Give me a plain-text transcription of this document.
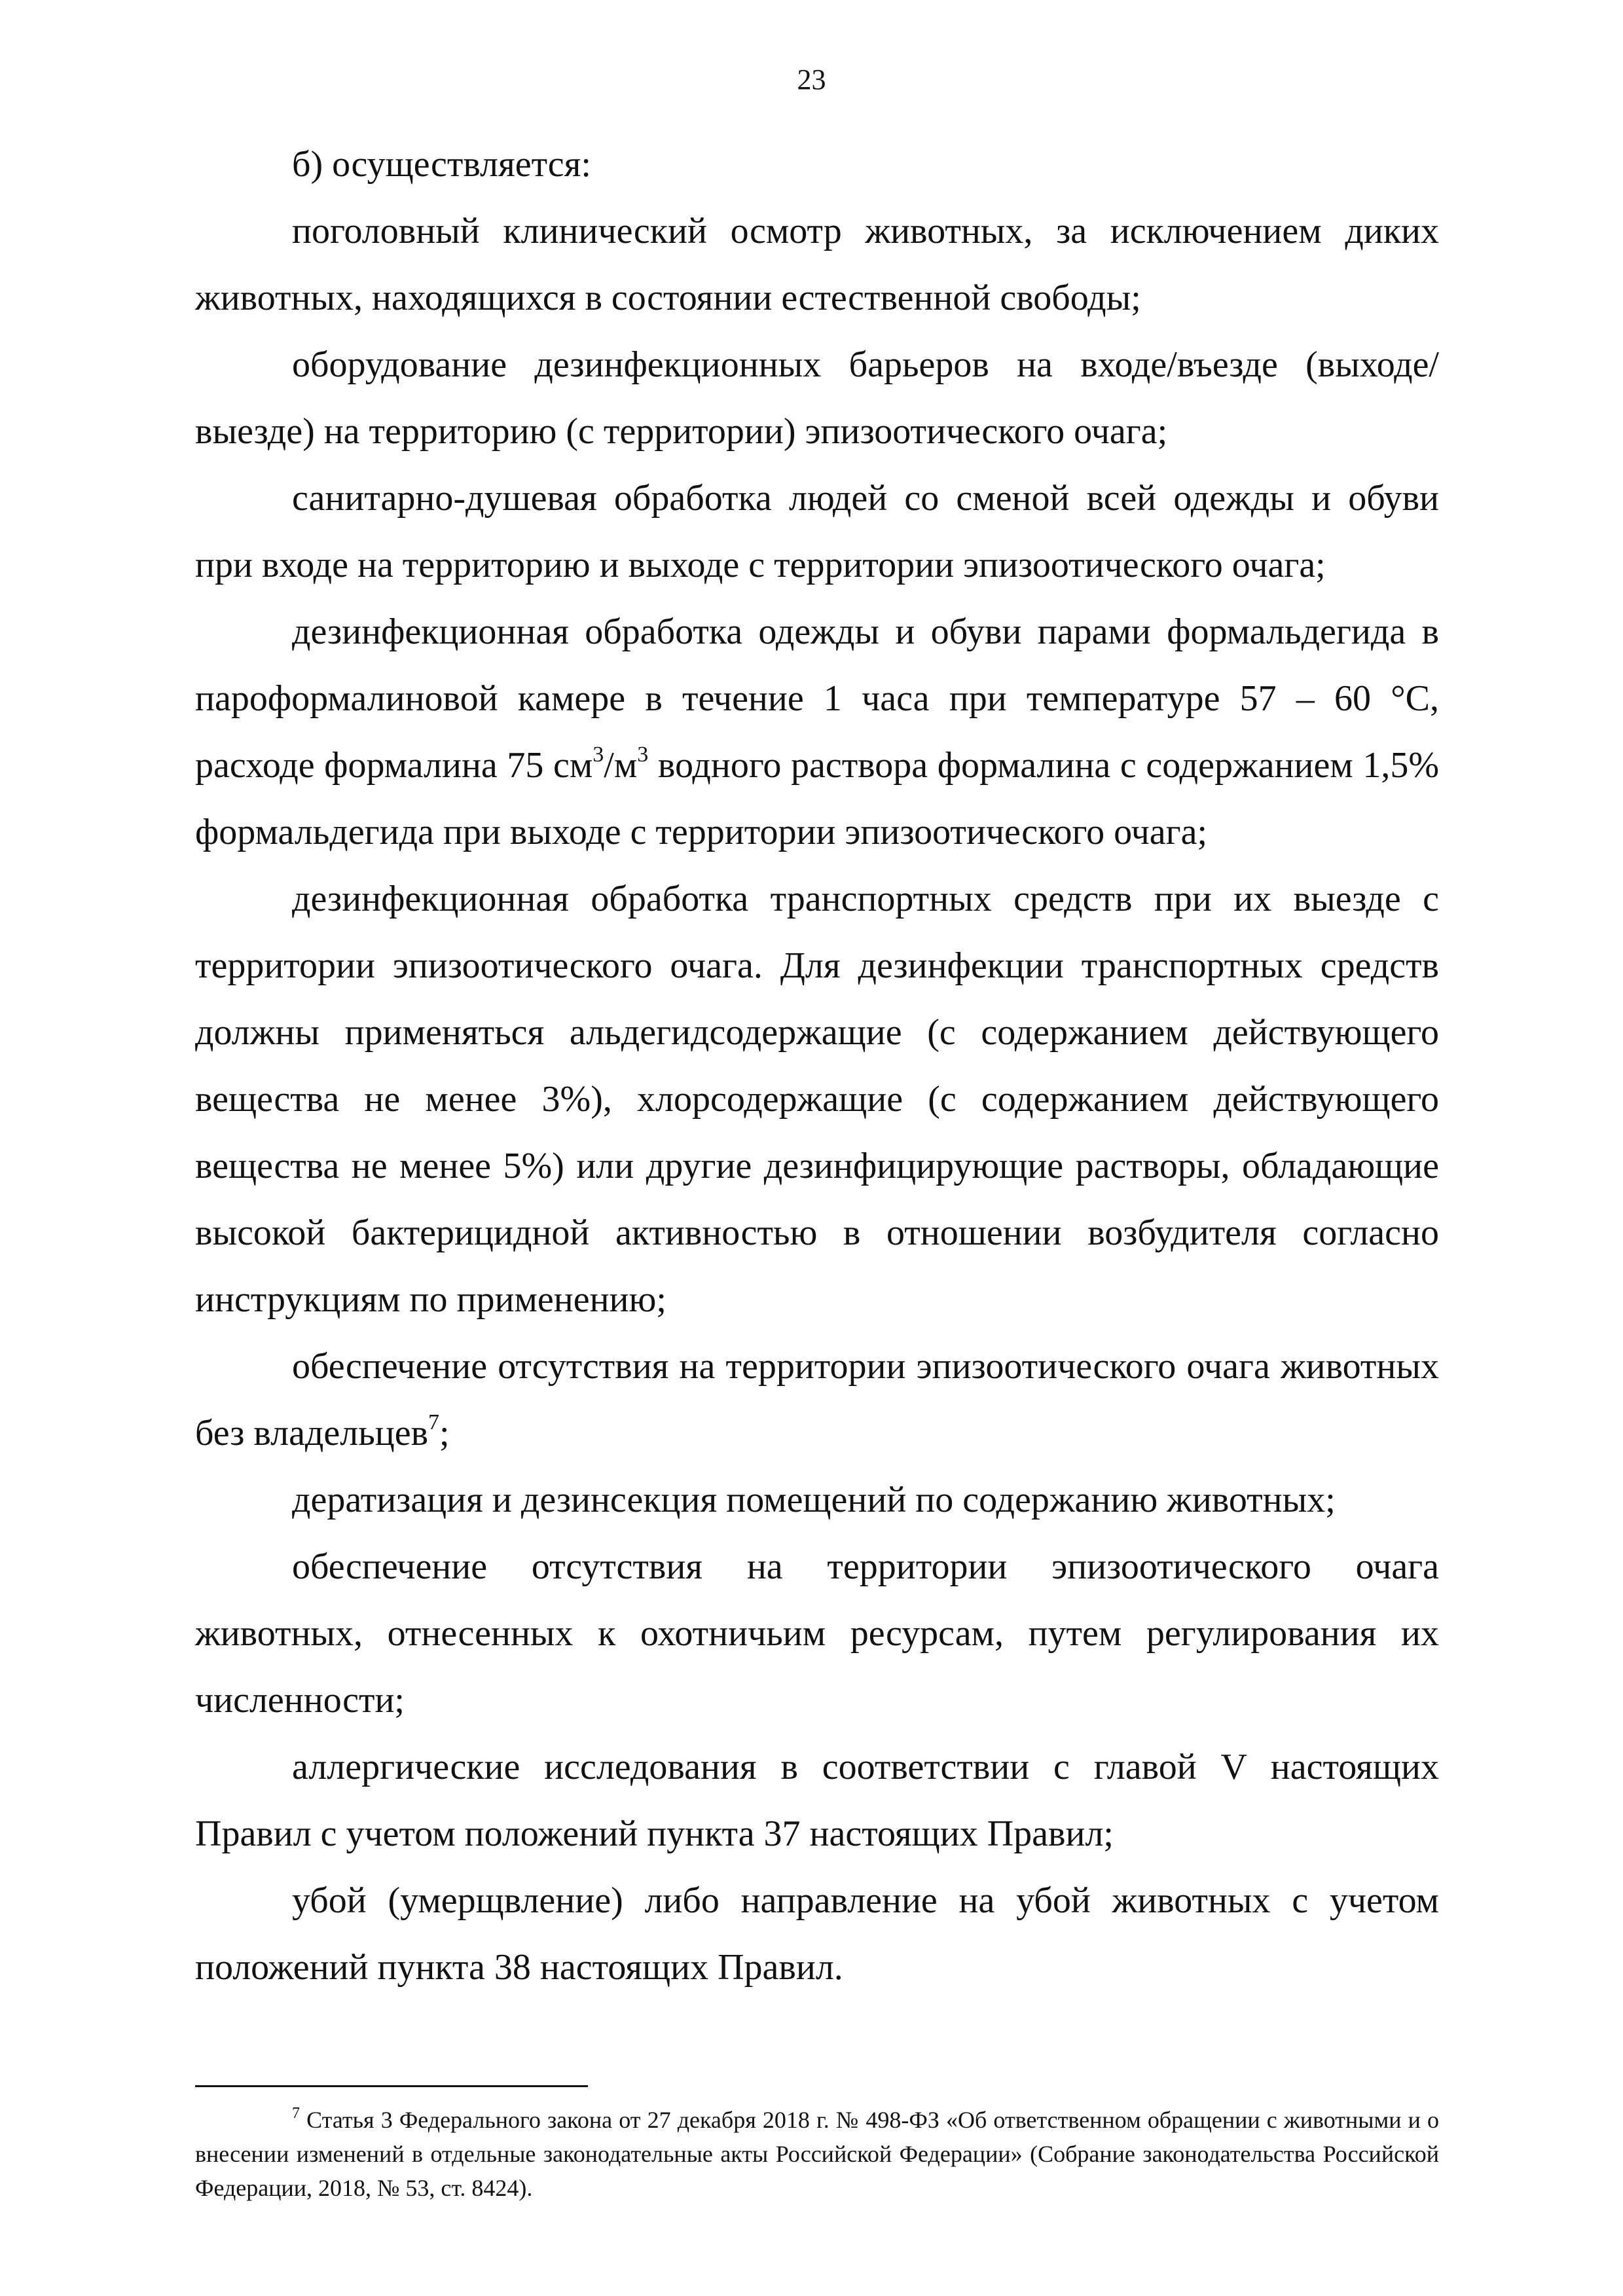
23

б) осуществляется:

поголовный клинический осмотр животных, за исключением диких животных, находящихся в состоянии естественной свободы;

оборудование дезинфекционных барьеров на входе/въезде (выходе/выезде) на территорию (с территории) эпизоотического очага;

санитарно-душевая обработка людей со сменой всей одежды и обуви при входе на территорию и выходе с территории эпизоотического очага;

дезинфекционная обработка одежды и обуви парами формальдегида в пароформалиновой камере в течение 1 часа при температуре 57 – 60 °С, расходе формалина 75 $см^3/м^3$ водного раствора формалина с содержанием 1,5% формальдегида при выходе с территории эпизоотического очага;

дезинфекционная обработка транспортных средств при их выезде с территории эпизоотического очага. Для дезинфекции транспортных средств должны применяться альдегидсодержащие (с содержанием действующего вещества не менее 3%), хлорсодержащие (с содержанием действующего вещества не менее 5%) или другие дезинфицирующие растворы, обладающие высокой бактерицидной активностью в отношении возбудителя согласно инструкциям по применению;

обеспечение отсутствия на территории эпизоотического очага животных без владельцев$^7$;

дератизация и дезинсекция помещений по содержанию животных;

обеспечение отсутствия на территории эпизоотического очага животных, отнесенных к охотничьим ресурсам, путем регулирования их численности;

аллергические исследования в соответствии с главой V настоящих Правил с учетом положений пункта 37 настоящих Правил;

убой (умерщвление) либо направление на убой животных с учетом положений пункта 38 настоящих Правил.

$^7$ Статья 3 Федерального закона от 27 декабря 2018 г. № 498-ФЗ «Об ответственном обращении с животными и о внесении изменений в отдельные законодательные акты Российской Федерации» (Собрание законодательства Российской Федерации, 2018, № 53, ст. 8424).
